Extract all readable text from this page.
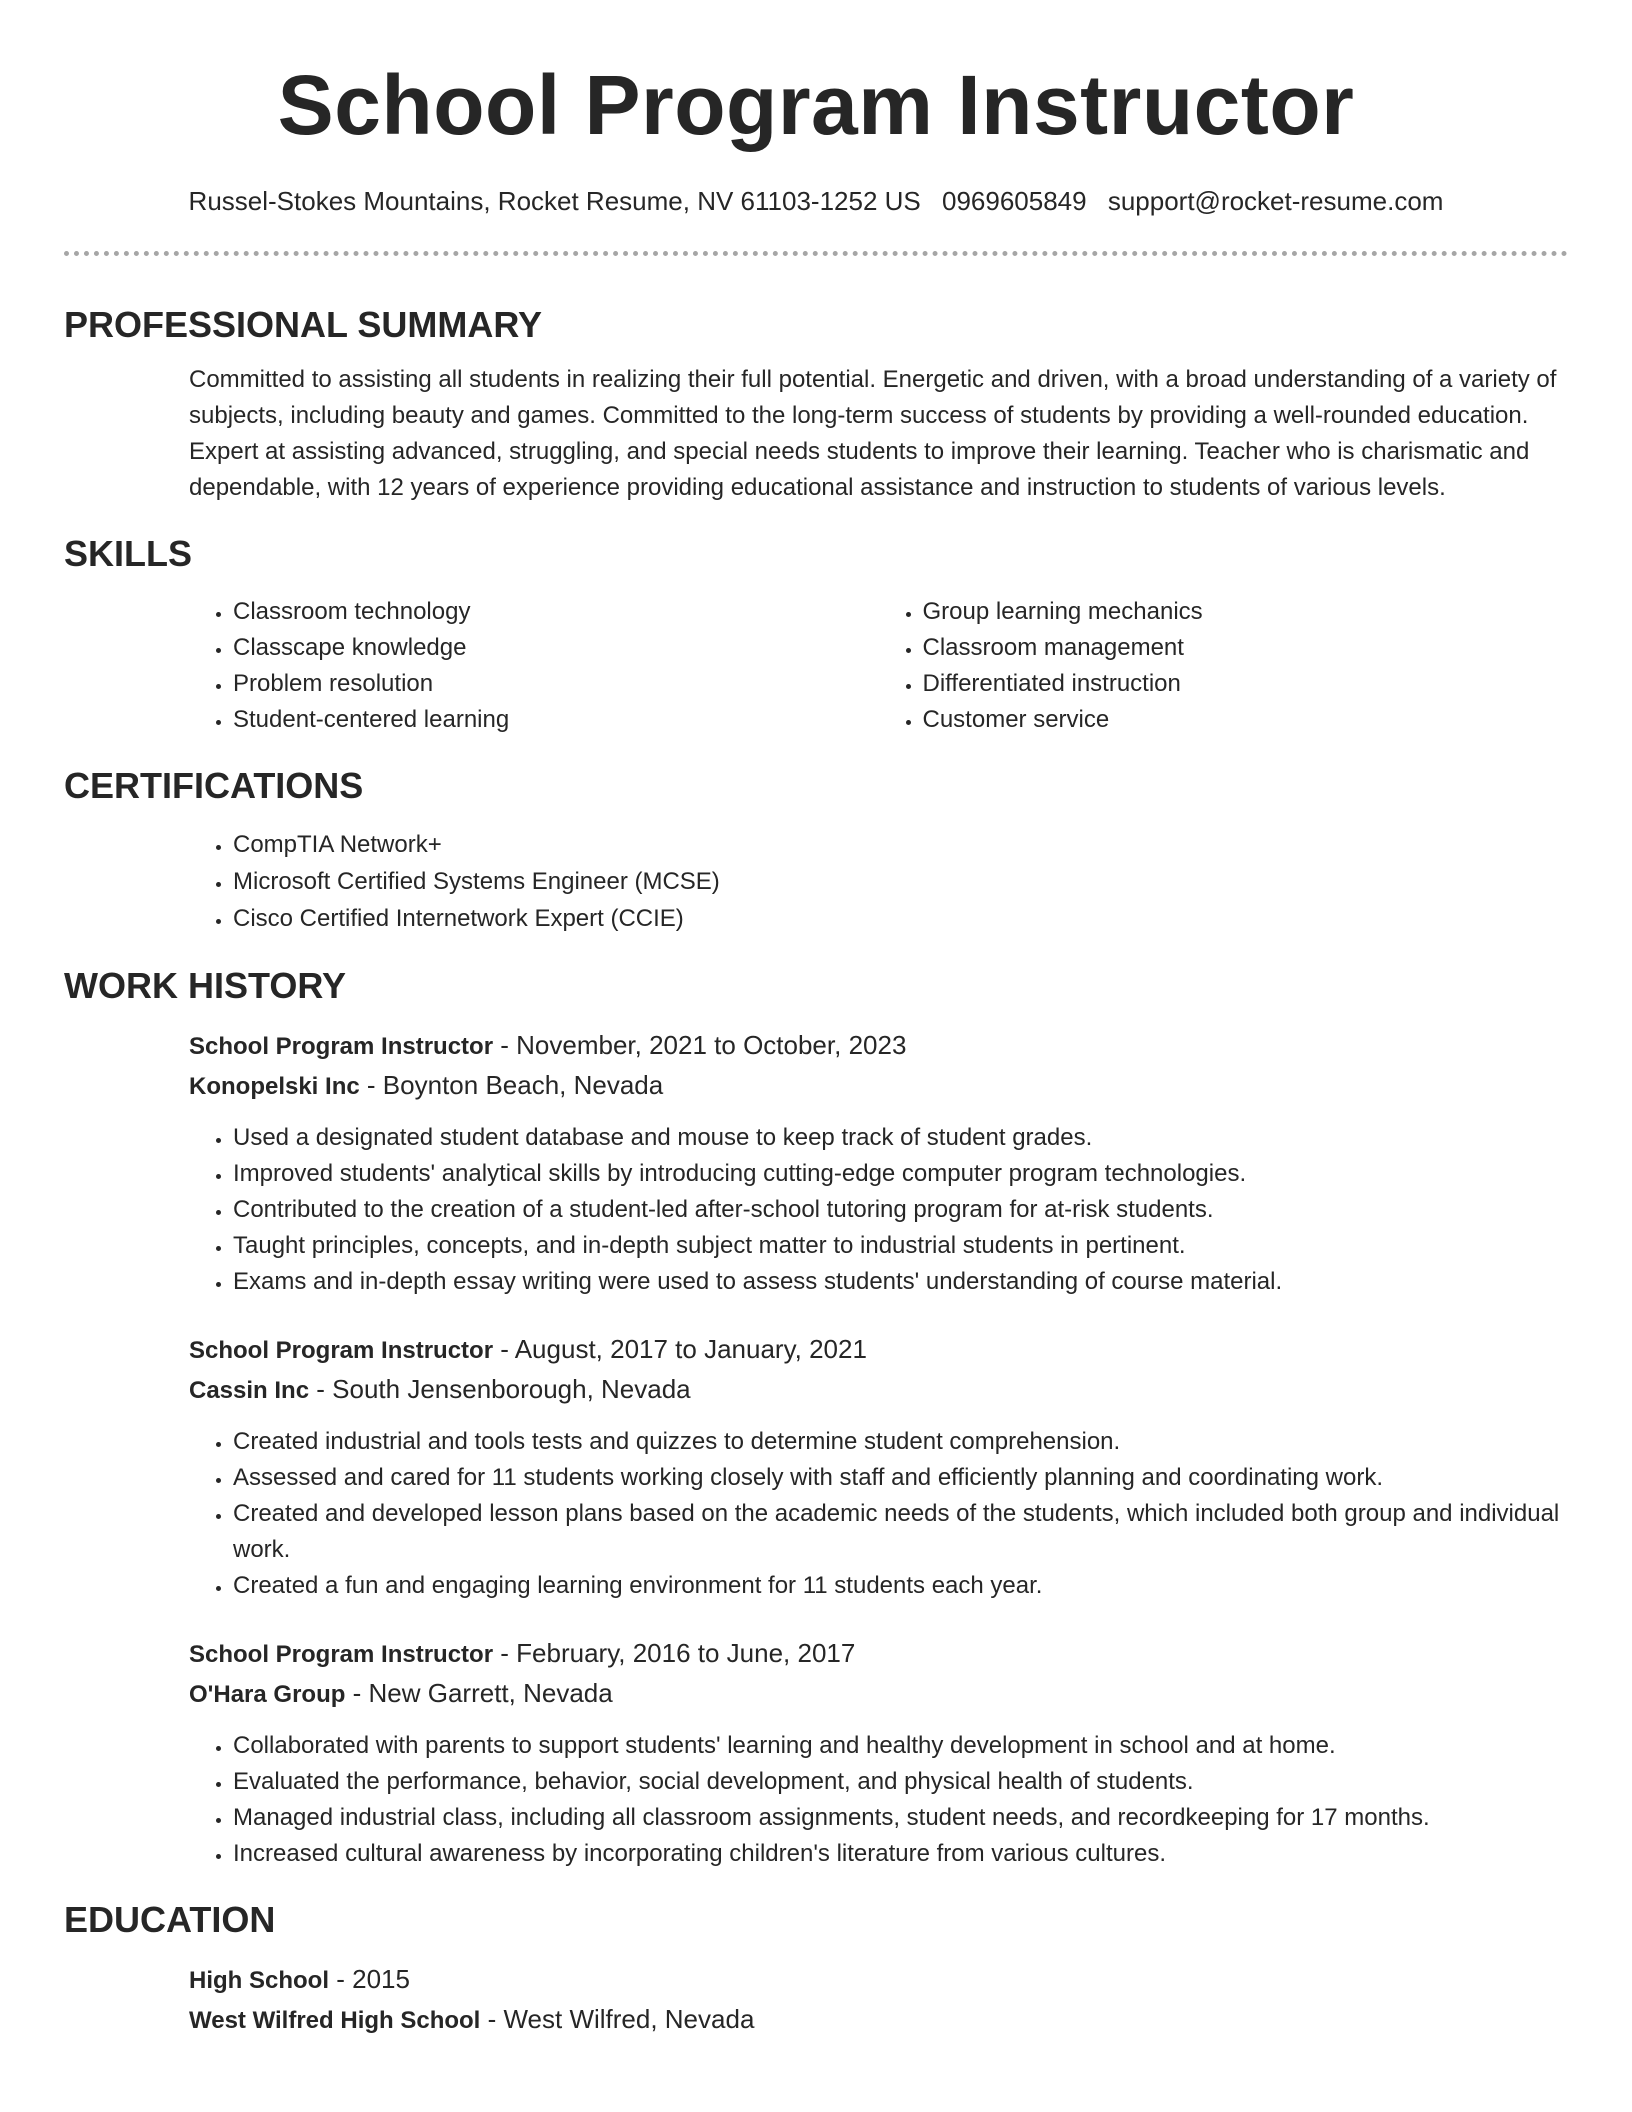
School Program Instructor
Russel-Stokes Mountains, Rocket Resume, NV 61103-1252 US 0969605849 support@rocket-resume.com
PROFESSIONAL SUMMARY
Committed to assisting all students in realizing their full potential. Energetic and driven, with a broad understanding of a variety of subjects, including beauty and games. Committed to the long-term success of students by providing a well-rounded education. Expert at assisting advanced, struggling, and special needs students to improve their learning. Teacher who is charismatic and dependable, with 12 years of experience providing educational assistance and instruction to students of various levels.
SKILLS
• Classroom technology
• Classcape knowledge
• Problem resolution
• Student-centered learning
• Group learning mechanics
• Classroom management
• Differentiated instruction
• Customer service
CERTIFICATIONS
• CompTIA Network+
• Microsoft Certified Systems Engineer (MCSE)
• Cisco Certified Internetwork Expert (CCIE)
WORK HISTORY
School Program Instructor - November, 2021 to October, 2023
Konopelski Inc - Boynton Beach, Nevada
• Used a designated student database and mouse to keep track of student grades.
• Improved students' analytical skills by introducing cutting-edge computer program technologies.
• Contributed to the creation of a student-led after-school tutoring program for at-risk students.
• Taught principles, concepts, and in-depth subject matter to industrial students in pertinent.
• Exams and in-depth essay writing were used to assess students' understanding of course material.
School Program Instructor - August, 2017 to January, 2021
Cassin Inc - South Jensenborough, Nevada
• Created industrial and tools tests and quizzes to determine student comprehension.
• Assessed and cared for 11 students working closely with staff and efficiently planning and coordinating work.
• Created and developed lesson plans based on the academic needs of the students, which included both group and individual work.
• Created a fun and engaging learning environment for 11 students each year.
School Program Instructor - February, 2016 to June, 2017
O'Hara Group - New Garrett, Nevada
• Collaborated with parents to support students' learning and healthy development in school and at home.
• Evaluated the performance, behavior, social development, and physical health of students.
• Managed industrial class, including all classroom assignments, student needs, and recordkeeping for 17 months.
• Increased cultural awareness by incorporating children's literature from various cultures.
EDUCATION
High School - 2015
West Wilfred High School - West Wilfred, Nevada
